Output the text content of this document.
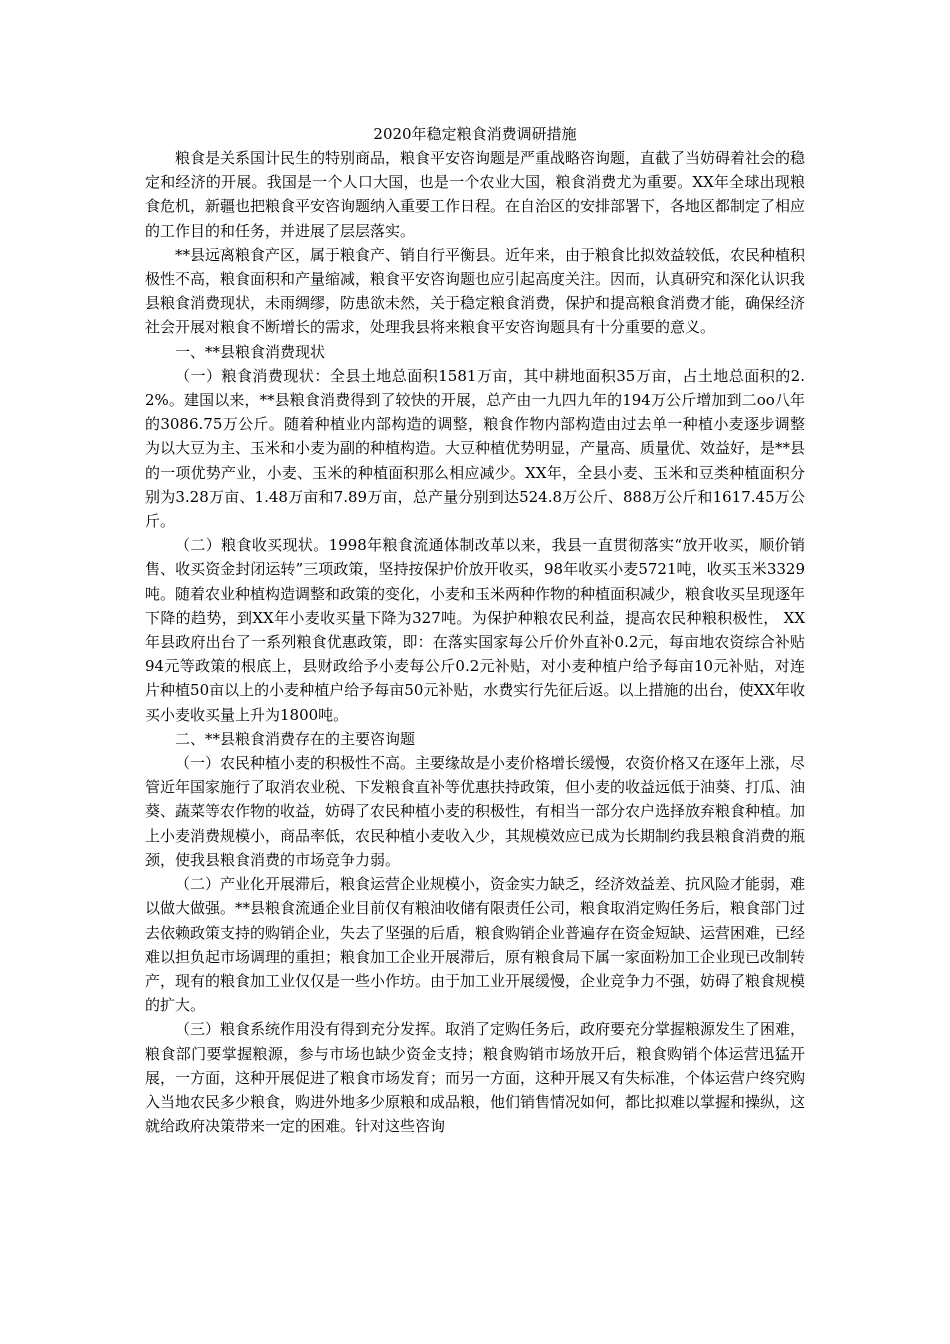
2020年稳定粮食消费调研措施

粮食是关系国计民生的特别商品，粮食平安咨询题是严重战略咨询题，直截了当妨碍着社会的稳定和经济的开展。我国是一个人口大国，也是一个农业大国，粮食消费尤为重要。XX年全球出现粮食危机，新疆也把粮食平安咨询题纳入重要工作日程。在自治区的安排部署下，各地区都制定了相应的工作目的和任务，并进展了层层落实。

**县远离粮食产区，属于粮食产、销自行平衡县。近年来，由于粮食比拟效益较低，农民种植积极性不高，粮食面积和产量缩减，粮食平安咨询题也应引起高度关注。因而，认真研究和深化认识我县粮食消费现状，未雨绸缪，防患欲未然，关于稳定粮食消费，保护和提高粮食消费才能，确保经济社会开展对粮食不断增长的需求，处理我县将来粮食平安咨询题具有十分重要的意义。

一、**县粮食消费现状

（一）粮食消费现状：全县土地总面积1581万亩，其中耕地面积35万亩，占土地总面积的2.2%。建国以来，**县粮食消费得到了较快的开展，总产由一九四九年的194万公斤增加到二oo八年的3086.75万公斤。随着种植业内部构造的调整，粮食作物内部构造由过去单一种植小麦逐步调整为以大豆为主、玉米和小麦为副的种植构造。大豆种植优势明显，产量高、质量优、效益好，是**县的一项优势产业，小麦、玉米的种植面积那么相应减少。XX年，全县小麦、玉米和豆类种植面积分别为3.28万亩、1.48万亩和7.89万亩，总产量分别到达524.8万公斤、888万公斤和1617.45万公斤。

（二）粮食收买现状。1998年粮食流通体制改革以来，我县一直贯彻落实“放开收买，顺价销售、收买资金封闭运转”三项政策，坚持按保护价放开收买，98年收买小麦5721吨，收买玉米3329吨。随着农业种植构造调整和政策的变化，小麦和玉米两种作物的种植面积减少，粮食收买呈现逐年下降的趋势，到XX年小麦收买量下降为327吨。为保护种粮农民利益，提高农民种粮积极性， XX年县政府出台了一系列粮食优惠政策，即：在落实国家每公斤价外直补0.2元，每亩地农资综合补贴94元等政策的根底上，县财政给予小麦每公斤0.2元补贴，对小麦种植户给予每亩10元补贴，对连片种植50亩以上的小麦种植户给予每亩50元补贴，水费实行先征后返。以上措施的出台，使XX年收买小麦收买量上升为1800吨。

二、**县粮食消费存在的主要咨询题

（一）农民种植小麦的积极性不高。主要缘故是小麦价格增长缓慢，农资价格又在逐年上涨，尽管近年国家施行了取消农业税、下发粮食直补等优惠扶持政策，但小麦的收益远低于油葵、打瓜、油葵、蔬菜等农作物的收益，妨碍了农民种植小麦的积极性，有相当一部分农户选择放弃粮食种植。加上小麦消费规模小，商品率低，农民种植小麦收入少，其规模效应已成为长期制约我县粮食消费的瓶颈，使我县粮食消费的市场竞争力弱。

（二）产业化开展滞后，粮食运营企业规模小，资金实力缺乏，经济效益差、抗风险才能弱，难以做大做强。**县粮食流通企业目前仅有粮油收储有限责任公司，粮食取消定购任务后，粮食部门过去依赖政策支持的购销企业，失去了坚强的后盾，粮食购销企业普遍存在资金短缺、运营困难，已经难以担负起市场调理的重担；粮食加工企业开展滞后，原有粮食局下属一家面粉加工企业现已改制转产，现有的粮食加工业仅仅是一些小作坊。由于加工业开展缓慢，企业竞争力不强，妨碍了粮食规模的扩大。

（三）粮食系统作用没有得到充分发挥。取消了定购任务后，政府要充分掌握粮源发生了困难，粮食部门要掌握粮源，参与市场也缺少资金支持；粮食购销市场放开后，粮食购销个体运营迅猛开展，一方面，这种开展促进了粮食市场发育；而另一方面，这种开展又有失标准，个体运营户终究购入当地农民多少粮食，购进外地多少原粮和成品粮，他们销售情况如何，都比拟难以掌握和操纵，这就给政府决策带来一定的困难。针对这些咨询
